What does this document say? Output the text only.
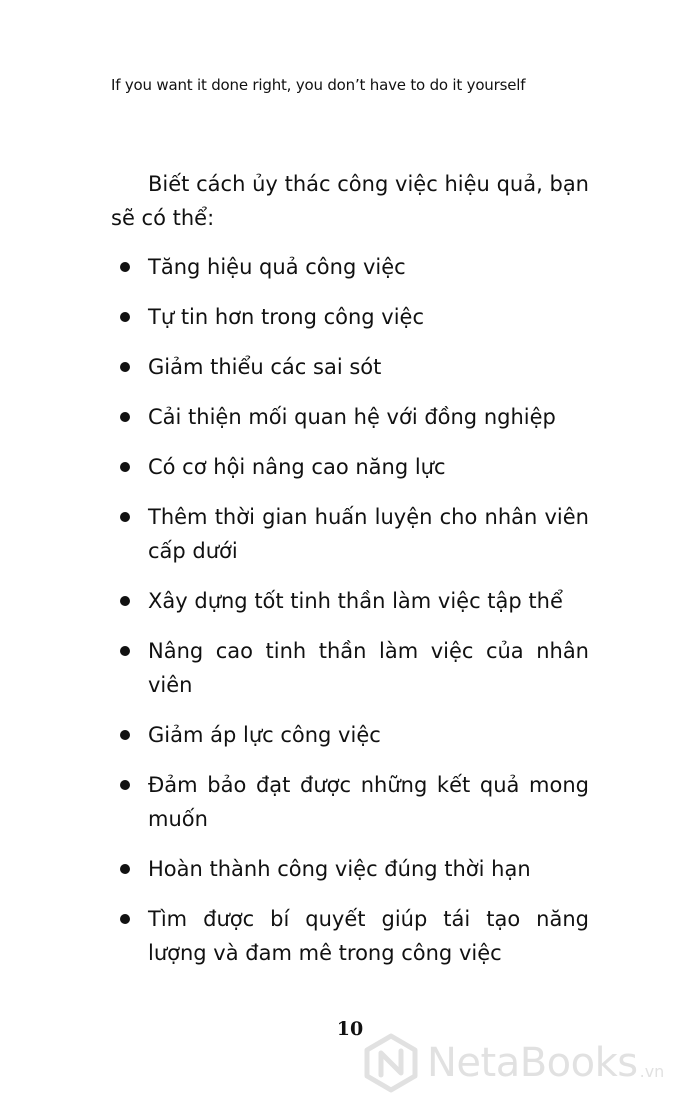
If you want it done right, you don’t have to do it yourself

Biết cách ủy thác công việc hiệu quả, bạn sẽ có thể:

Tăng hiệu quả công việc
Tự tin hơn trong công việc
Giảm thiểu các sai sót
Cải thiện mối quan hệ với đồng nghiệp
Có cơ hội nâng cao năng lực
Thêm thời gian huấn luyện cho nhân viên cấp dưới
Xây dựng tốt tinh thần làm việc tập thể
Nâng cao tinh thần làm việc của nhân viên
Giảm áp lực công việc
Đảm bảo đạt được những kết quả mong muốn
Hoàn thành công việc đúng thời hạn
Tìm được bí quyết giúp tái tạo năng lượng và đam mê trong công việc
10
NetaBooks .vn
